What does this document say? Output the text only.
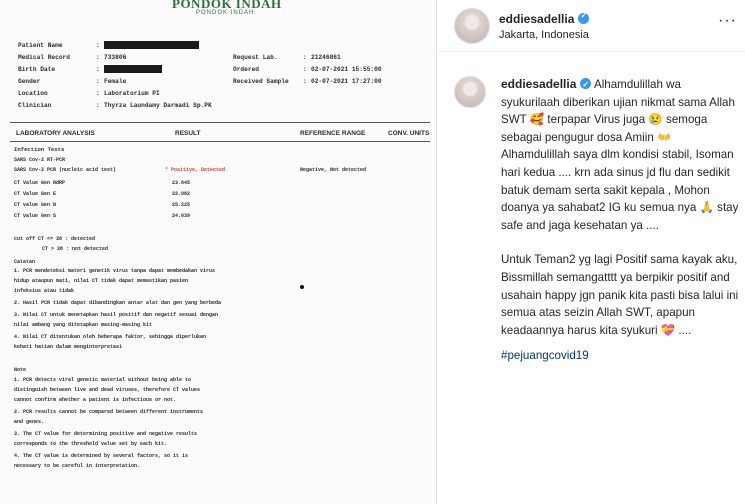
PONDOK INDAH
PONDOK INDAH
Patient Name	:
Medical Record	: 733806
Birth Date	:
Gender	: Female
Location	: Laboratorium PI
Clinician	: Thyrza Laundamy Darmadi Sp.PK
Request Lab.	: 21246861
Ordered	: 02-07-2021 15:55:00
Received Sample : 02-07-2021 17:27:00
LABORATORY ANALYSIS	RESULT	REFERENCE RANGE	CONV. UNITS
Infection Tests
SARS Cov-2 RT-PCR
SARS Cov-2 PCR (nucleic acid test)	* Positive, Detected	Negative, Not detected
CT Value Gen RdRP	23.645
CT Value Gen E	22.082
CT value Gen N	25.225
CT value Gen S	24.039
cut off CT <= 38 : detected
CT > 38 : not detected
Catatan
1. PCR mendeteksi materi genetik virus tanpa dapat membedakan virus
hidup ataupun mati, nilai CT tidak dapat memastikan pasien
infeksius atau tidak
2. Hasil PCR tidak dapat dibandingkan antar alat dan gen yang berbeda
3. Nilai CT untuk menetapkan hasil positif dan negatif sesuai dengan
nilai ambang yang ditetapkan masing-masing kit
4. Nilai CT ditentukan oleh beberapa faktor, sehingga diperlukan
kehati hatian dalam menginterpretasi
Note
1. PCR detects viral genetic material without being able to
distinguish between live and dead viruses, therefore CT values
cannot confirm whether a patient is infectious or not.
2. PCR results cannot be compared between different instruments
and genes.
3. The CT value for determining positive and negative results
corresponds to the threshold value set by each kit.
4. The CT value is determined by several factors, so it is
necessary to be careful in interpretation.
eddiesadellia✓
Jakarta, Indonesia
···

eddiesadellia✓ Alhamdulillah wa syukurilaah diberikan ujian nikmat sama Allah SWT 🥰 terpapar Virus juga 😢 semoga sebagai pengugur dosa Amiin 👐 Alhamdulillah saya dlm kondisi stabil, Isoman hari kedua .... krn ada sinus jd flu dan sedikit batuk demam serta sakit kepala , Mohon doanya ya sahabat2 IG ku semua nya 🙏 stay safe and jaga kesehatan ya ....

Untuk Teman2 yg lagi Positif sama kayak aku, Bissmillah semangatttt ya berpikir positif and usahain happy jgn panik kita pasti bisa lalui ini semua atas seizin Allah SWT, apapun keadaannya harus kita syukuri 💝 ....

#pejuangcovid19
